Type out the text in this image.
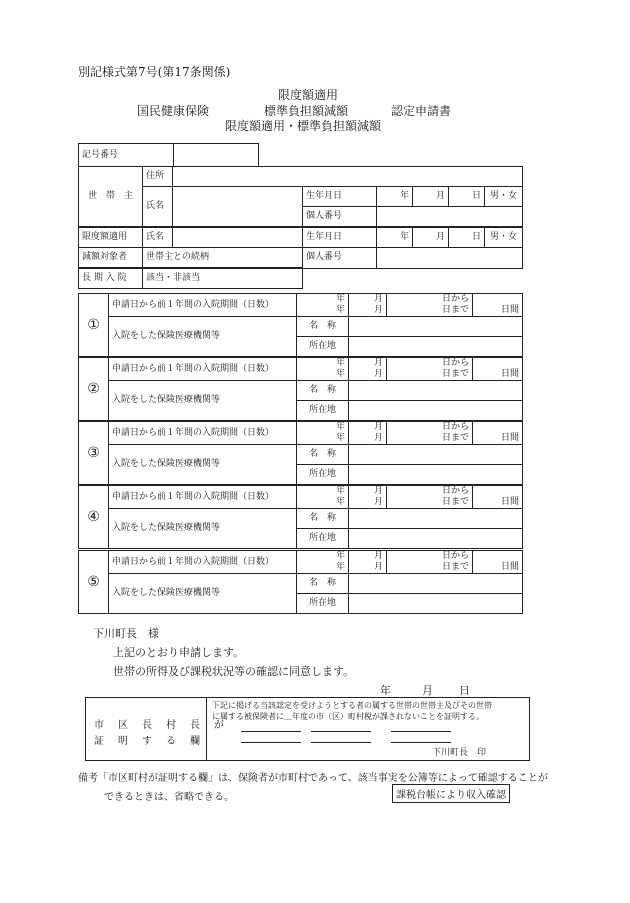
別記様式第7号(第17条関係)
限度額適用
国民健康保険	標準負担額減額	認定申請書
限度額適用・標準負担額減額
記号番号	
世　帯　主	住所						
	氏名		生年月日	年	月	日	男・女
			個人番号				
限度額適用	氏名		生年月日	年	月	日	男・女
減額対象者	世帯主との続柄		個人番号				
長 期 入 院	該当・非該当						
①	申請日から前１年間の入院期間（日数）	年	月	日から	日間
		年	月	日まで	
	入院をした保険医療機関等	名　称			
		所在地			
②	申請日から前１年間の入院期間（日数）	年	月	日から	日間
		年	月	日まで	
	入院をした保険医療機関等	名　称			
		所在地			
③	申請日から前１年間の入院期間（日数）	年	月	日から	日間
		年	月	日まで	
	入院をした保険医療機関等	名　称			
		所在地			
④	申請日から前１年間の入院期間（日数）	年	月	日から	日間
		年	月	日まで	
	入院をした保険医療機関等	名　称			
		所在地			
⑤	申請日から前１年間の入院期間（日数）	年	月	日から	日間
		年	月	日まで	
	入院をした保険医療機関等	名　称			
		所在地			
下川町長　様
上記のとおり申請します。
世帯の所得及び課税状況等の確認に同意します。
年	月 日
市　区　長　村　長　が
証　明　す　る　欄
下記に掲げる当該認定を受けようとする者の属する世帯の世帯主及びその世帯
に属する被保険者に＿年度の市（区）町村税が課されないことを証明する。
下川町長　印
備考「市区町村が証明する欄」は、保険者が市町村であって、該当事実を公簿等によって確認することが
できるときは、省略できる。	課税台帳により収入確認
